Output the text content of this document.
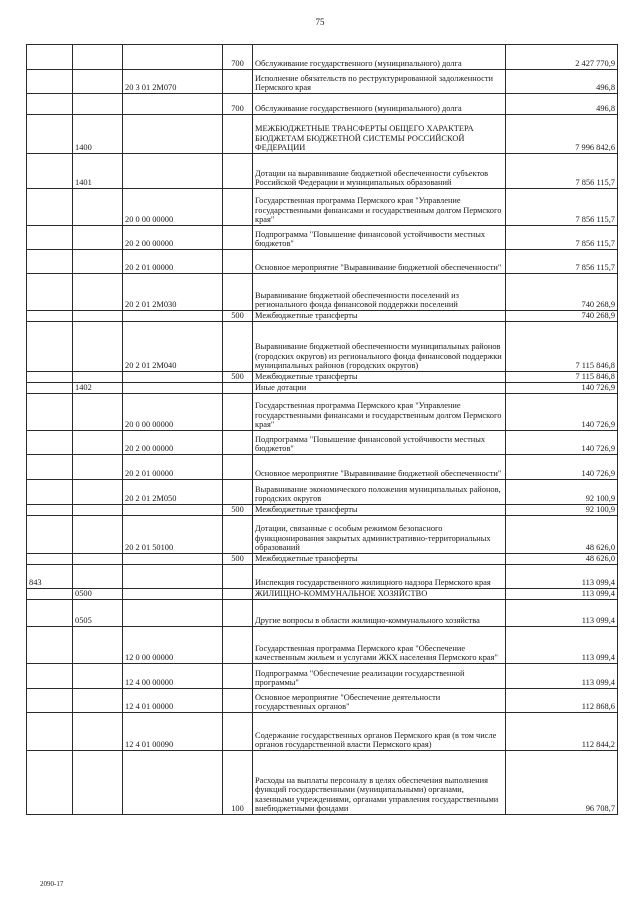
75
			700	Обслуживание государственного (муниципального) долга	2 427 770,9
		20 3 01 2М070		Исполнение обязательств по реструктурированной задолженности Пермского края	496,8
			700	Обслуживание государственного (муниципального) долга	496,8
	1400			МЕЖБЮДЖЕТНЫЕ ТРАНСФЕРТЫ ОБЩЕГО ХАРАКТЕРА БЮДЖЕТАМ БЮДЖЕТНОЙ СИСТЕМЫ РОССИЙСКОЙ ФЕДЕРАЦИИ	7 996 842,6
	1401			Дотации на выравнивание бюджетной обеспеченности субъектов Российской Федерации и муниципальных образований	7 856 115,7
		20 0 00 00000		Государственная программа Пермского края "Управление государственными финансами и государственным долгом Пермского края"	7 856 115,7
		20 2 00 00000		Подпрограмма "Повышение финансовой устойчивости местных бюджетов"	7 856 115,7
		20 2 01 00000		Основное мероприятие "Выравнивание бюджетной обеспеченности"	7 856 115,7
		20 2 01 2М030		Выравнивание бюджетной обеспеченности поселений из регионального фонда финансовой поддержки поселений	740 268,9
			500	Межбюджетные трансферты	740 268,9
		20 2 01 2М040		Выравнивание бюджетной обеспеченности муниципальных районов (городских округов) из регионального фонда финансовой поддержки муниципальных районов (городских округов)	7 115 846,8
			500	Межбюджетные трансферты	7 115 846,8
	1402			Иные дотации	140 726,9
		20 0 00 00000		Государственная программа Пермского края "Управление государственными финансами и государственным долгом Пермского края"	140 726,9
		20 2 00 00000		Подпрограмма "Повышение финансовой устойчивости местных бюджетов"	140 726,9
		20 2 01 00000		Основное мероприятие "Выравнивание бюджетной обеспеченности"	140 726,9
		20 2 01 2М050		Выравнивание экономического положения муниципальных районов, городских округов	92 100,9
			500	Межбюджетные трансферты	92 100,9
		20 2 01 50100		Дотации, связанные с особым режимом безопасного функционирования закрытых административно-территориальных образований	48 626,0
			500	Межбюджетные трансферты	48 626,0
843				Инспекция государственного жилищного надзора Пермского края	113 099,4
	0500			ЖИЛИЩНО-КОММУНАЛЬНОЕ ХОЗЯЙСТВО	113 099,4
	0505			Другие вопросы в области жилищно-коммунального хозяйства	113 099,4
		12 0 00 00000		Государственная программа Пермского края "Обеспечение качественным жильем и услугами ЖКХ населения Пермского края"	113 099,4
		12 4 00 00000		Подпрограмма "Обеспечение реализации государственной программы"	113 099,4
		12 4 01 00000		Основное мероприятие "Обеспечение деятельности государственных органов"	112 868,6
		12 4 01 00090		Содержание государственных органов Пермского края (в том числе органов государственной власти Пермского края)	112 844,2
			100	Расходы на выплаты персоналу в целях обеспечения выполнения функций государственными (муниципальными) органами, казенными учреждениями, органами управления государственными внебюджетными фондами	96 708,7
2090-17
